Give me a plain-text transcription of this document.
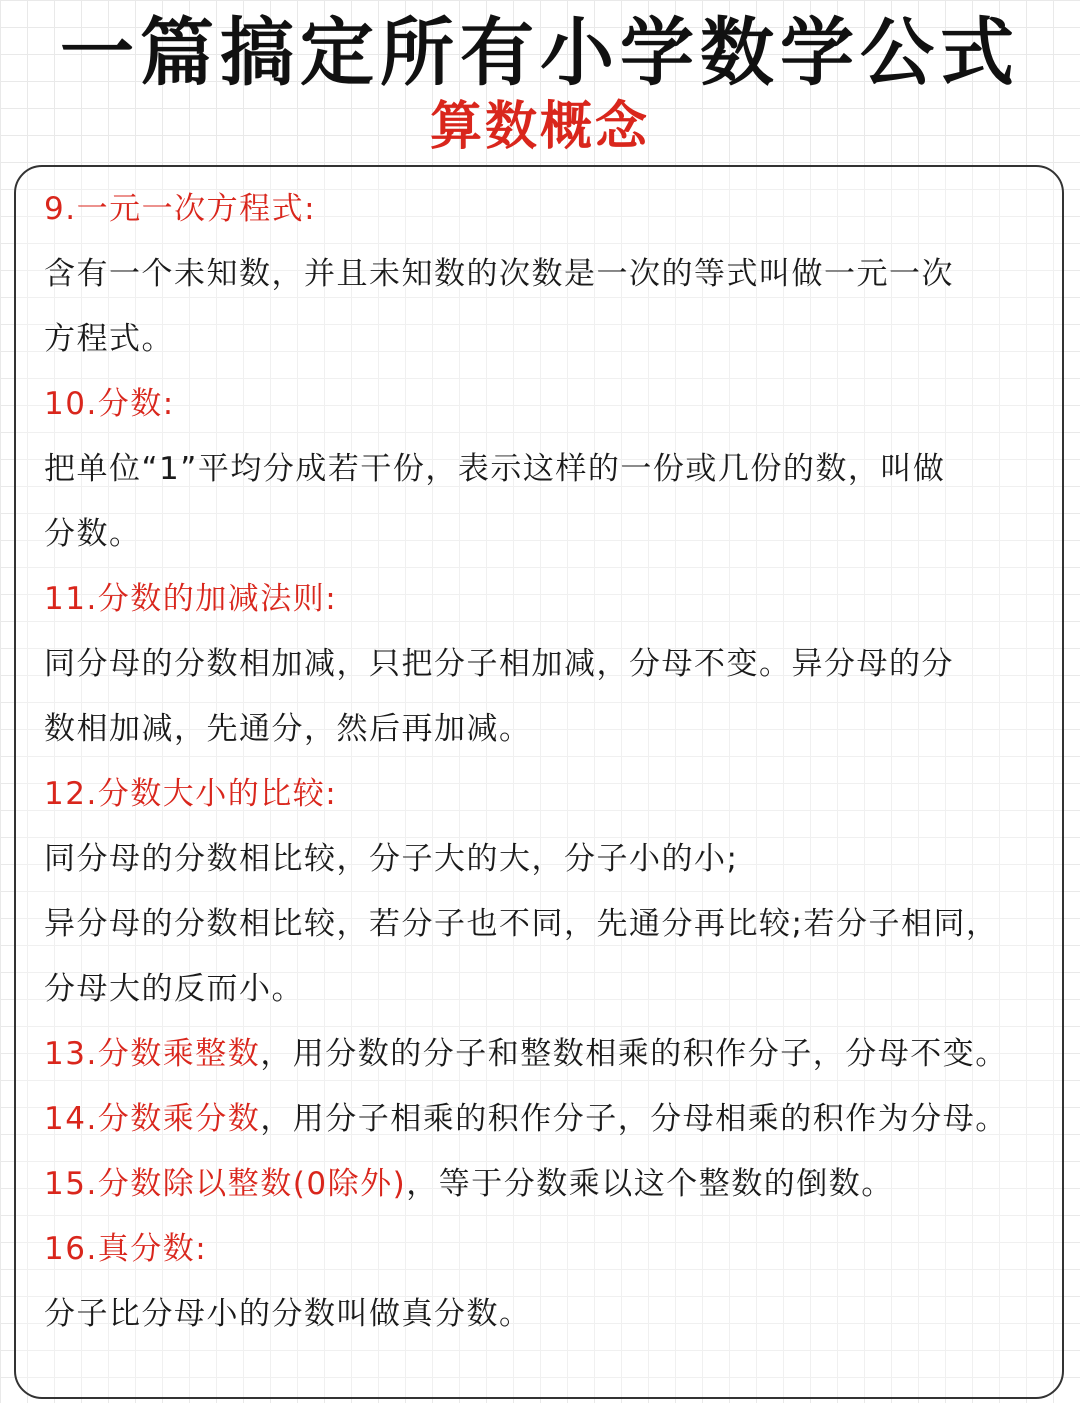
一篇搞定所有小学数学公式
算数概念
9.一元一次方程式:
含有一个未知数，并且未知数的次数是一次的等式叫做一元一次
方程式。
10.分数:
把单位“1”平均分成若干份，表示这样的一份或几份的数，叫做
分数。
11.分数的加减法则:
同分母的分数相加减，只把分子相加减，分母不变。异分母的分
数相加减，先通分，然后再加减。
12.分数大小的比较:
同分母的分数相比较，分子大的大，分子小的小;
异分母的分数相比较，若分子也不同，先通分再比较;若分子相同，
分母大的反而小。
13.分数乘整数，用分数的分子和整数相乘的积作分子，分母不变。
14.分数乘分数，用分子相乘的积作分子，分母相乘的积作为分母。
15.分数除以整数(0除外)，等于分数乘以这个整数的倒数。
16.真分数:
分子比分母小的分数叫做真分数。
